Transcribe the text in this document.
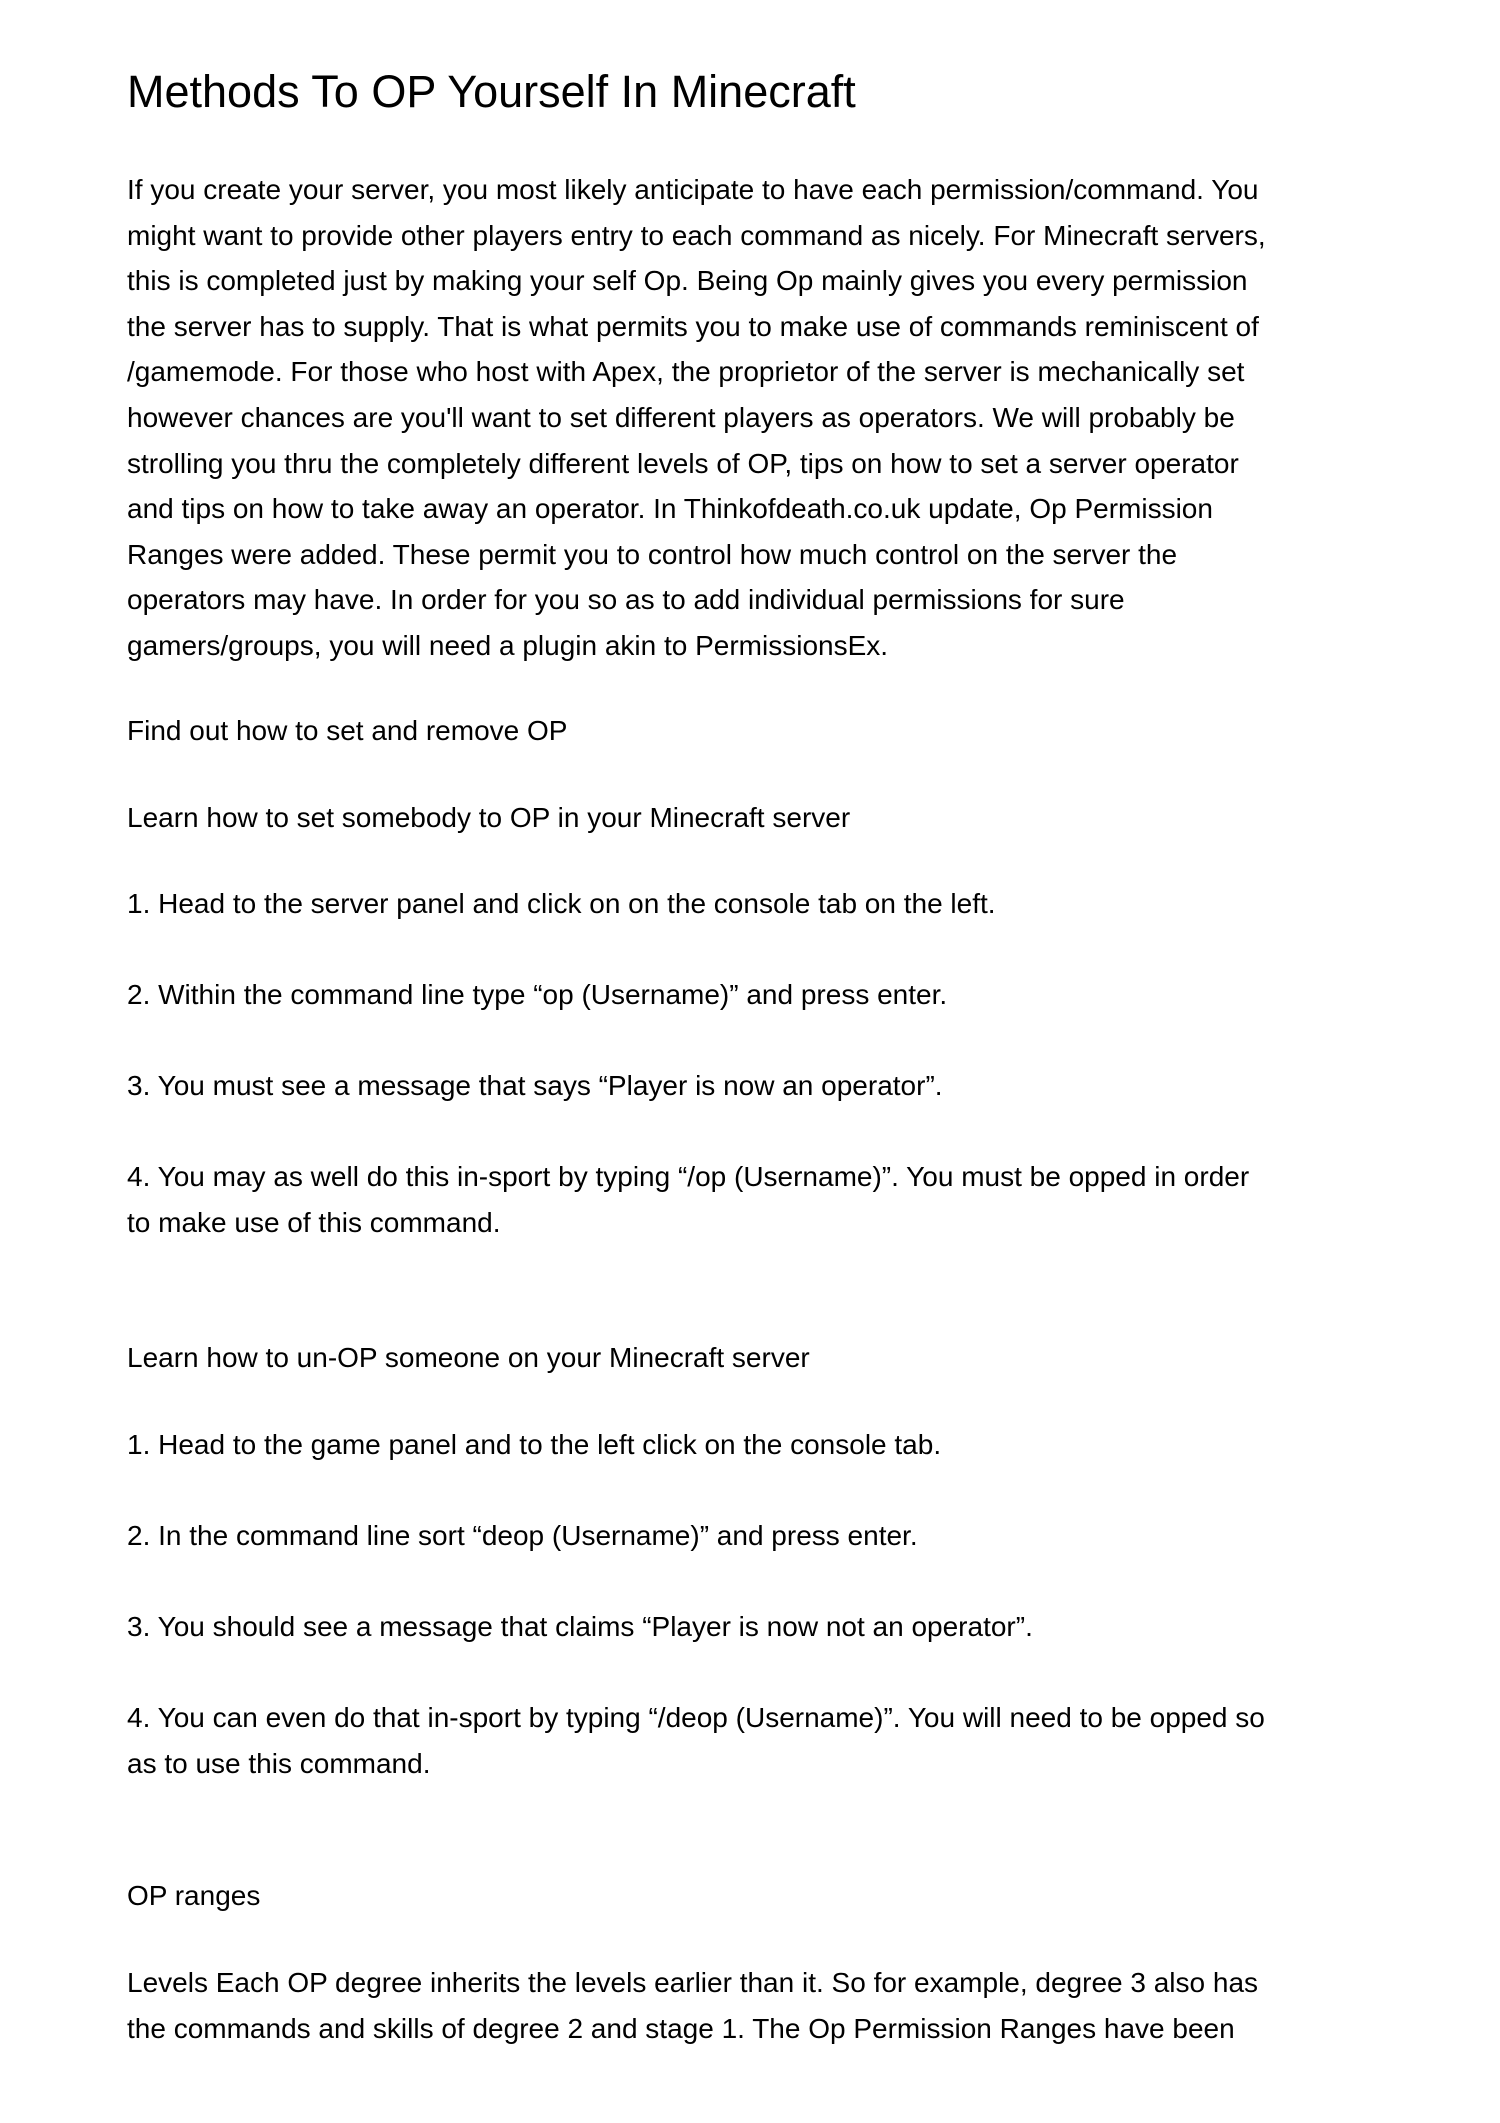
Methods To OP Yourself In Minecraft

If you create your server, you most likely anticipate to have each permission/command. You
might want to provide other players entry to each command as nicely. For Minecraft servers,
this is completed just by making your self Op. Being Op mainly gives you every permission
the server has to supply. That is what permits you to make use of commands reminiscent of
/gamemode. For those who host with Apex, the proprietor of the server is mechanically set
however chances are you'll want to set different players as operators. We will probably be
strolling you thru the completely different levels of OP, tips on how to set a server operator
and tips on how to take away an operator. In Thinkofdeath.co.uk update, Op Permission
Ranges were added. These permit you to control how much control on the server the
operators may have. In order for you so as to add individual permissions for sure
gamers/groups, you will need a plugin akin to PermissionsEx.

Find out how to set and remove OP

Learn how to set somebody to OP in your Minecraft server

1. Head to the server panel and click on on the console tab on the left.

2. Within the command line type “op (Username)” and press enter.

3. You must see a message that says “Player is now an operator”.

4. You may as well do this in-sport by typing “/op (Username)”. You must be opped in order
to make use of this command.

Learn how to un-OP someone on your Minecraft server

1. Head to the game panel and to the left click on the console tab.

2. In the command line sort “deop (Username)” and press enter.

3. You should see a message that claims “Player is now not an operator”.

4. You can even do that in-sport by typing “/deop (Username)”. You will need to be opped so
as to use this command.

OP ranges

Levels Each OP degree inherits the levels earlier than it. So for example, degree 3 also has
the commands and skills of degree 2 and stage 1. The Op Permission Ranges have been
